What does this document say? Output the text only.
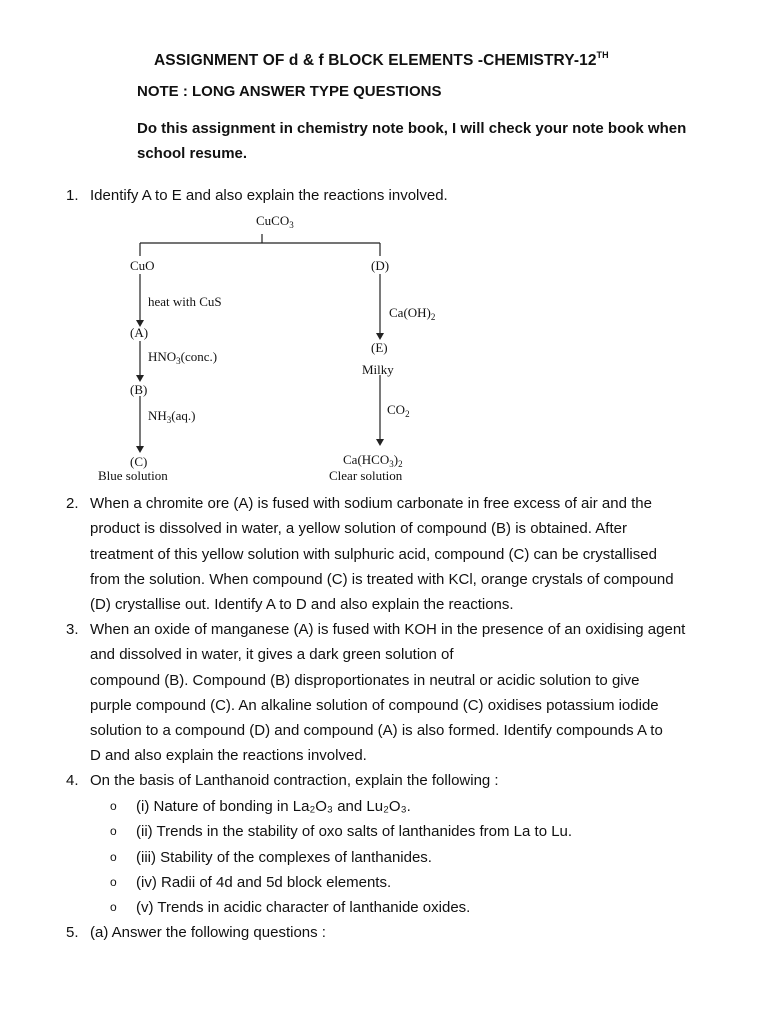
ASSIGNMENT OF d & f BLOCK ELEMENTS -CHEMISTRY-12TH
NOTE : LONG ANSWER TYPE QUESTIONS
Do this assignment in chemistry note book, I will check your note book when
school resume.
1. Identify A to E and also explain the reactions involved.
CuCO$_3$
CuO	(D)
heat with CuS
(A)
$HNO_3(conc.)$
(B)
$NH_3(aq.)$
(C)
Blue solution
$Ca(OH)_2$
(E)
Milky
$CO_2$
$Ca(HCO_3)_2$
Clear solution
2. When a chromite ore (A) is fused with sodium carbonate in free excess of air and the
product is dissolved in water, a yellow solution of compound (B) is obtained. After
treatment of this yellow solution with sulphuric acid, compound (C) can be crystallised
from the solution. When compound (C) is treated with KCl, orange crystals of compound
(D) crystallise out. Identify A to D and also explain the reactions.
3. When an oxide of manganese (A) is fused with KOH in the presence of an oxidising agent
and dissolved in water, it gives a dark green solution of
compound (B). Compound (B) disproportionates in neutral or acidic solution to give
purple compound (C). An alkaline solution of compound (C) oxidises potassium iodide
solution to a compound (D) and compound (A) is also formed. Identify compounds A to
D and also explain the reactions involved.
4. On the basis of Lanthanoid contraction, explain the following :
o (i) Nature of bonding in La₂O₃ and Lu₂O₃.
o (ii) Trends in the stability of oxo salts of lanthanides from La to Lu.
o (iii) Stability of the complexes of lanthanides.
o (iv) Radii of 4d and 5d block elements.
o (v) Trends in acidic character of lanthanide oxides.
5. (a) Answer the following questions :
